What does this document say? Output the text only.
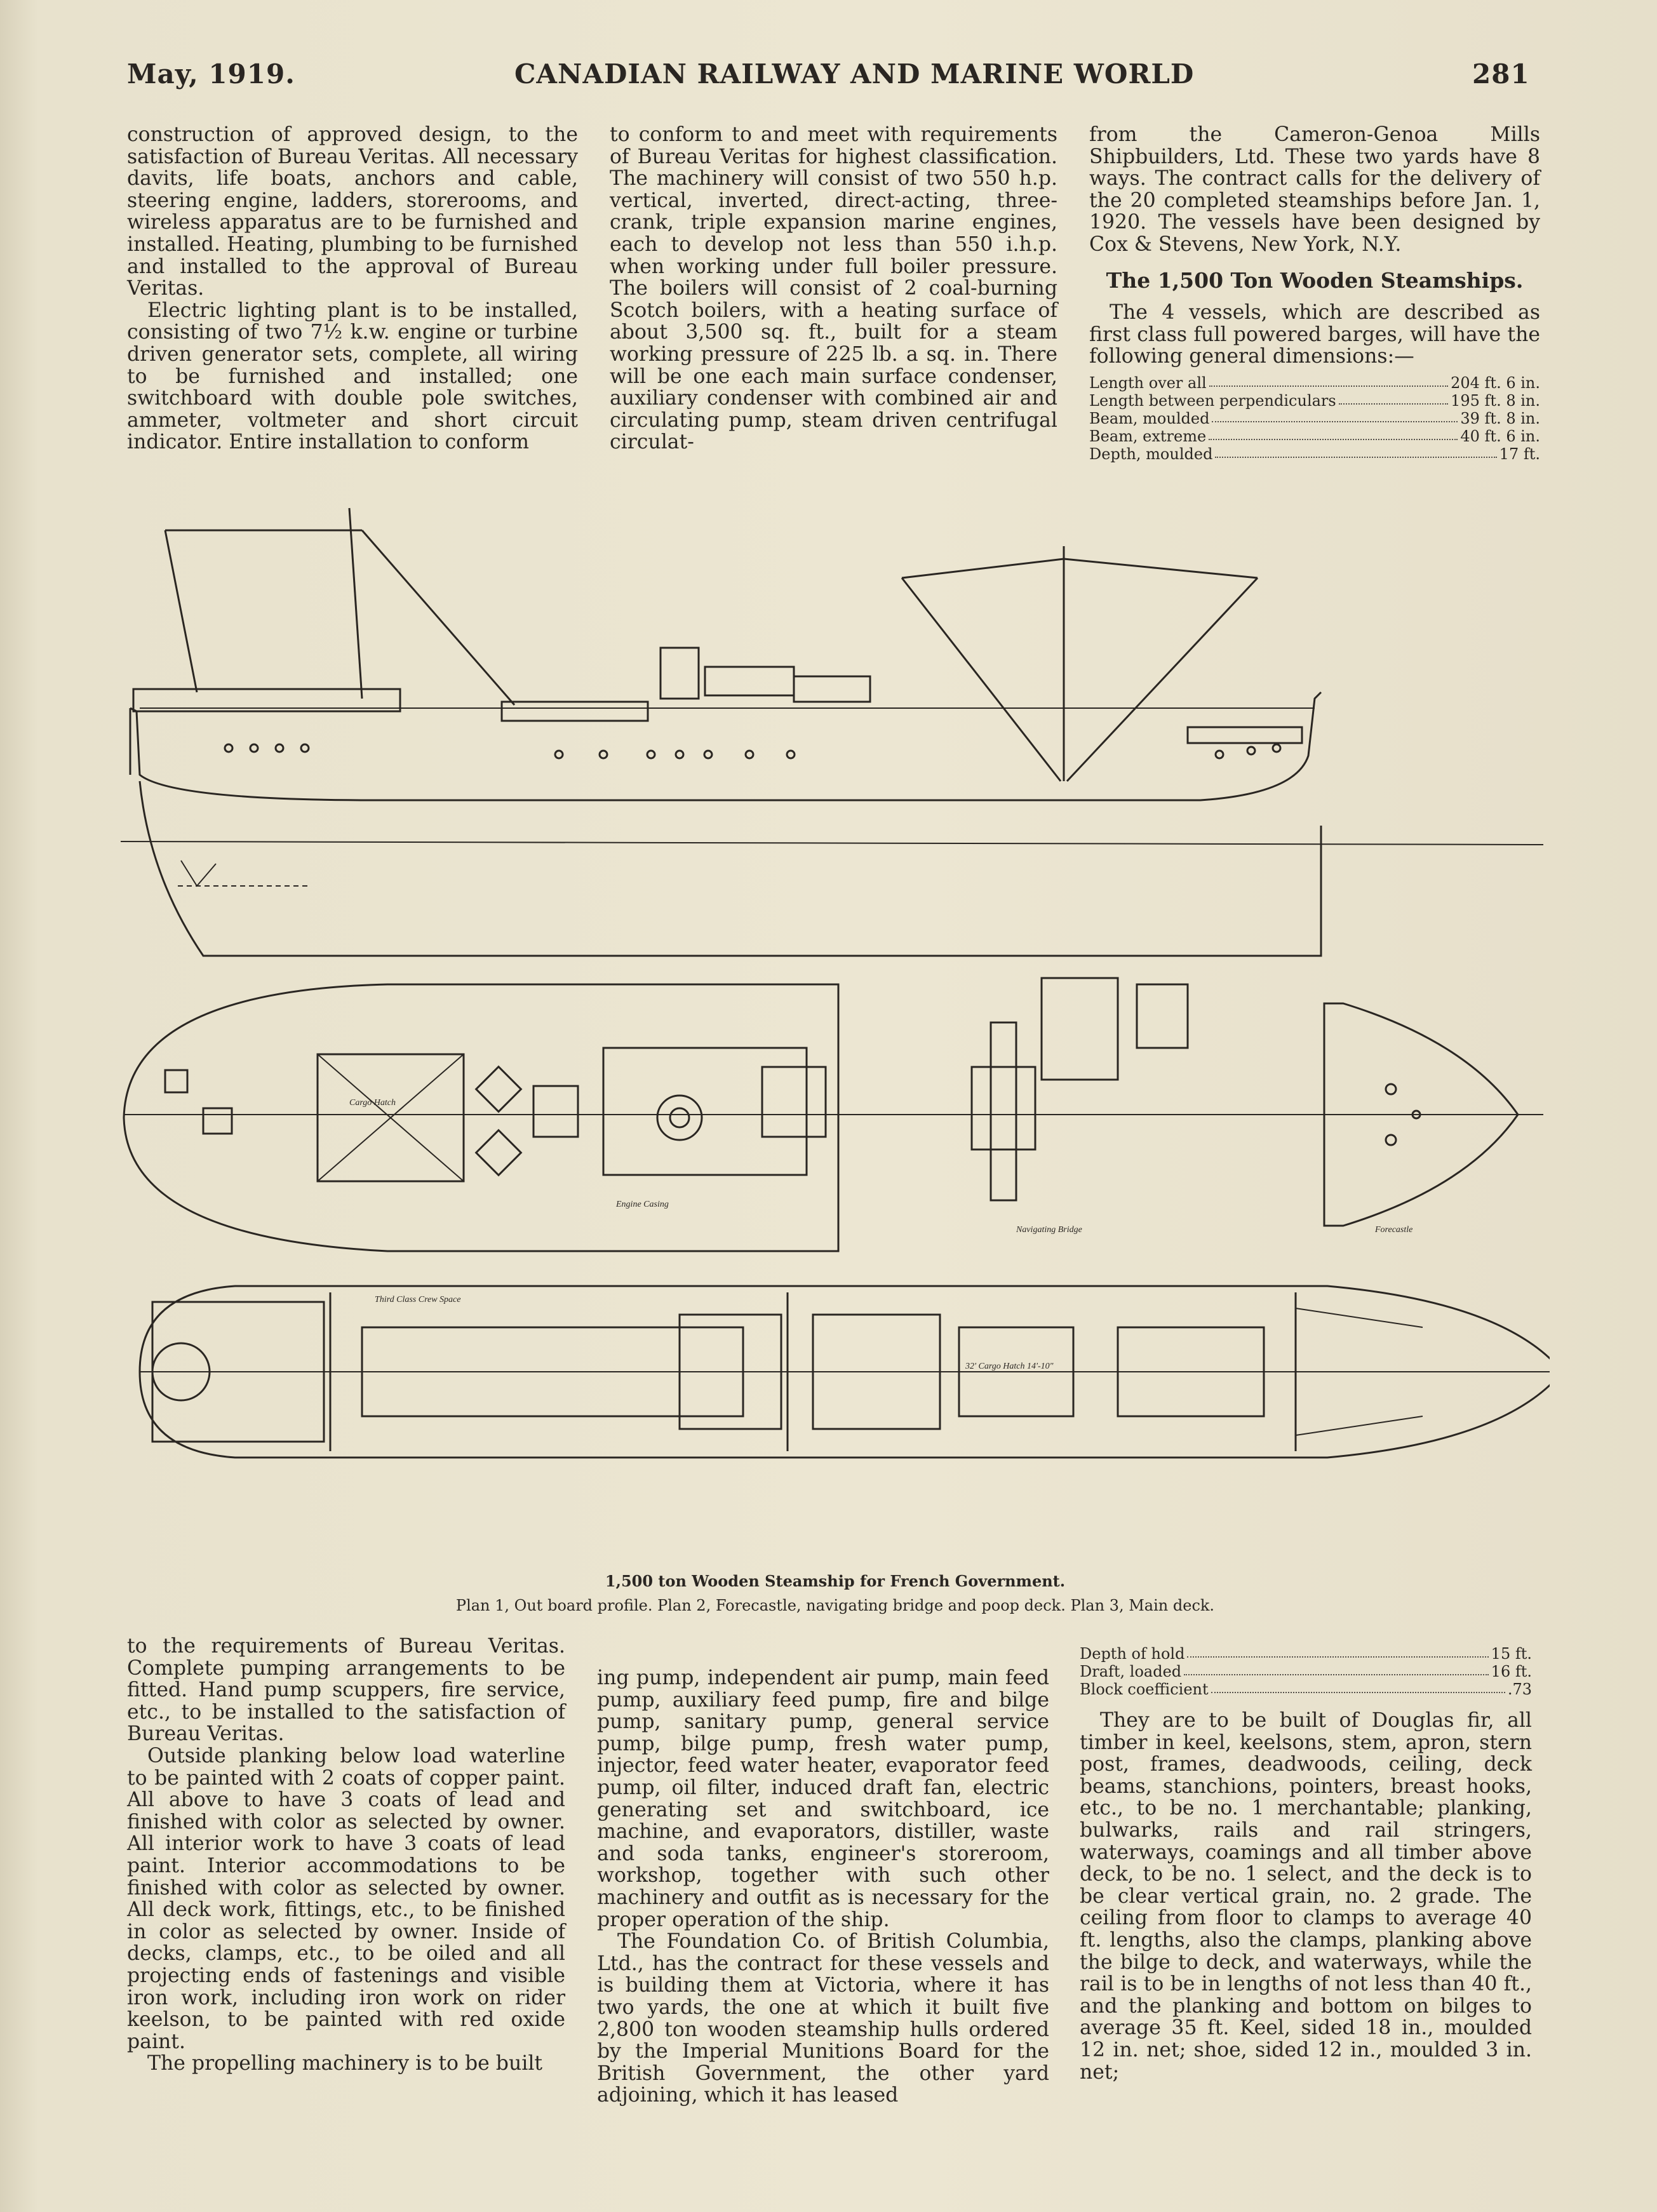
May, 1919.	CANADIAN RAILWAY AND MARINE WORLD	281

construction of approved design, to the satisfaction of Bureau Veritas. All necessary davits, life boats, anchors and cable, steering engine, ladders, storerooms, and wireless apparatus are to be furnished and installed. Heating, plumbing to be furnished and installed to the approval of Bureau Veritas.

Electric lighting plant is to be installed, consisting of two 7½ k.w. engine or turbine driven generator sets, complete, all wiring to be furnished and installed; one switchboard with double pole switches, ammeter, voltmeter and short circuit indicator. Entire installation to conform

to conform to and meet with requirements of Bureau Veritas for highest classification. The machinery will consist of two 550 h.p. vertical, inverted, direct-acting, three-crank, triple expansion marine engines, each to develop not less than 550 i.h.p. when working under full boiler pressure. The boilers will consist of 2 coal-burning Scotch boilers, with a heating surface of about 3,500 sq. ft., built for a steam working pressure of 225 lb. a sq. in. There will be one each main surface condenser, auxiliary condenser with combined air and circulating pump, steam driven centrifugal circulat-

from the Cameron-Genoa Mills Shipbuilders, Ltd. These two yards have 8 ways. The contract calls for the delivery of the 20 completed steamships before Jan. 1, 1920. The vessels have been designed by Cox & Stevens, New York, N.Y.

The 1,500 Ton Wooden Steamships.

The 4 vessels, which are described as first class full powered barges, will have the following general dimensions:—

Length over all	204 ft. 6 in.
Length between perpendiculars	195 ft. 8 in.
Beam, moulded	39 ft. 8 in.
Beam, extreme	40 ft. 6 in.
Depth, moulded	17 ft.
Navigating Bridge	Forecastle
Cargo Hatch
32' Cargo Hatch 14'-10"
Third Class Crew Space
Engine Casing
1,500 ton Wooden Steamship for French Government.
Plan 1, Out board profile. Plan 2, Forecastle, navigating bridge and poop deck. Plan 3, Main deck.

to the requirements of Bureau Veritas. Complete pumping arrangements to be fitted. Hand pump scuppers, fire service, etc., to be installed to the satisfaction of Bureau Veritas.

Outside planking below load waterline to be painted with 2 coats of copper paint. All above to have 3 coats of lead and finished with color as selected by owner. All interior work to have 3 coats of lead paint. Interior accommodations to be finished with color as selected by owner. All deck work, fittings, etc., to be finished in color as selected by owner. Inside of decks, clamps, etc., to be oiled and all projecting ends of fastenings and visible iron work, including iron work on rider keelson, to be painted with red oxide paint.

The propelling machinery is to be built

ing pump, independent air pump, main feed pump, auxiliary feed pump, fire and bilge pump, sanitary pump, general service pump, bilge pump, fresh water pump, injector, feed water heater, evaporator feed pump, oil filter, induced draft fan, electric generating set and switchboard, ice machine, and evaporators, distiller, waste and soda tanks, engineer's storeroom, workshop, together with such other machinery and outfit as is necessary for the proper operation of the ship.

The Foundation Co. of British Columbia, Ltd., has the contract for these vessels and is building them at Victoria, where it has two yards, the one at which it built five 2,800 ton wooden steamship hulls ordered by the Imperial Munitions Board for the British Government, the other yard adjoining, which it has leased

Depth of hold	15 ft.
Draft, loaded	16 ft.
Block coefficient	.73

They are to be built of Douglas fir, all timber in keel, keelsons, stem, apron, stern post, frames, deadwoods, ceiling, deck beams, stanchions, pointers, breast hooks, etc., to be no. 1 merchantable; planking, bulwarks, rails and rail stringers, waterways, coamings and all timber above deck, to be no. 1 select, and the deck is to be clear vertical grain, no. 2 grade. The ceiling from floor to clamps to average 40 ft. lengths, also the clamps, planking above the bilge to deck, and waterways, while the rail is to be in lengths of not less than 40 ft., and the planking and bottom on bilges to average 35 ft. Keel, sided 18 in., moulded 12 in. net; shoe, sided 12 in., moulded 3 in. net;
